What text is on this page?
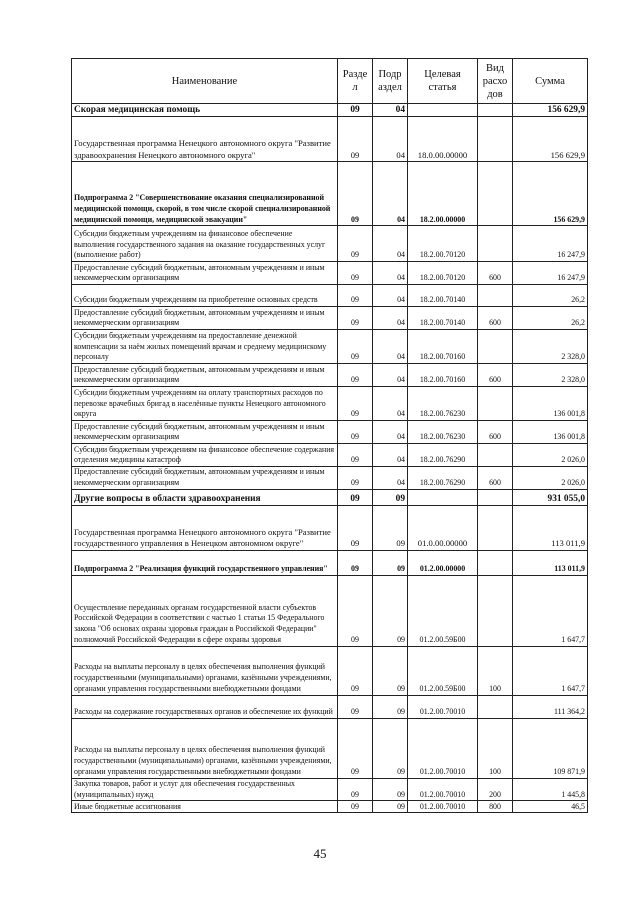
Наименование	Разде л	Подр аздел	Целевая статья	Вид расхо дов	Сумма
Скорая медицинская помощь	09	04			156 629,9
Государственная программа Ненецкого автономного округа "Развитие здравоохранения Ненецкого автономного округа"	09	04	18.0.00.00000		156 629,9
Подпрограмма 2 "Совершенствование оказания специализированной медицинской помощи, скорой, в том числе скорой специализированной медицинской помощи, медицинской эвакуации"	09	04	18.2.00.00000		156 629,9
Субсидии бюджетным учреждениям на финансовое обеспечение выполнения государственного задания на оказание государственных услуг (выполнение работ)	09	04	18.2.00.70120		16 247,9
Предоставление субсидий бюджетным, автономным учреждениям и иным некоммерческим организациям	09	04	18.2.00.70120	600	16 247,9
Субсидии бюджетным учреждениям на приобретение основных средств	09	04	18.2.00.70140		26,2
Предоставление субсидий бюджетным, автономным учреждениям и иным некоммерческим организациям	09	04	18.2.00.70140	600	26,2
Субсидии бюджетным учреждениям на предоставление денежной компенсации за наём жилых помещений врачам и среднему медицинскому персоналу	09	04	18.2.00.70160		2 328,0
Предоставление субсидий бюджетным, автономным учреждениям и иным некоммерческим организациям	09	04	18.2.00.70160	600	2 328,0
Субсидии бюджетным учреждениям на оплату транспортных расходов по перевозке врачебных бригад в населённые пункты Ненецкого автономного округа	09	04	18.2.00.76230		136 001,8
Предоставление субсидий бюджетным, автономным учреждениям и иным некоммерческим организациям	09	04	18.2.00.76230	600	136 001,8
Субсидии бюджетным учреждениям на финансовое обеспечение содержания отделения медицины катастроф	09	04	18.2.00.76290		2 026,0
Предоставление субсидий бюджетным, автономным учреждениям и иным некоммерческим организациям	09	04	18.2.00.76290	600	2 026,0
Другие вопросы в области здравоохранения	09	09			931 055,0
Государственная программа Ненецкого автономного округа "Развитие государственного управления в Ненецком автономном округе"	09	09	01.0.00.00000		113 011,9
Подпрограмма 2 "Реализация функций государственного управления"	09	09	01.2.00.00000		113 011,9
Осуществление переданных органам государственной власти субъектов Российской Федерации в соответствии с частью 1 статьи 15 Федерального закона "Об основах охраны здоровья граждан в Российской Федерации" полномочий Российской Федерации в сфере охраны здоровья	09	09	01.2.00.59Б00		1 647,7
Расходы на выплаты персоналу в целях обеспечения выполнения функций государственными (муниципальными) органами, казёнными учреждениями, органами управления государственными внебюджетными фондами	09	09	01.2.00.59Б00	100	1 647,7
Расходы на содержание государственных органов и обеспечение их функций	09	09	01.2.00.70010		111 364,2
Расходы на выплаты персоналу в целях обеспечения выполнения функций государственными (муниципальными) органами, казёнными учреждениями, органами управления государственными внебюджетными фондами	09	09	01.2.00.70010	100	109 871,9
Закупка товаров, работ и услуг для обеспечения государственных (муниципальных) нужд	09	09	01.2.00.70010	200	1 445,8
Иные бюджетные ассигнования	09	09	01.2.00.70010	800	46,5
45
